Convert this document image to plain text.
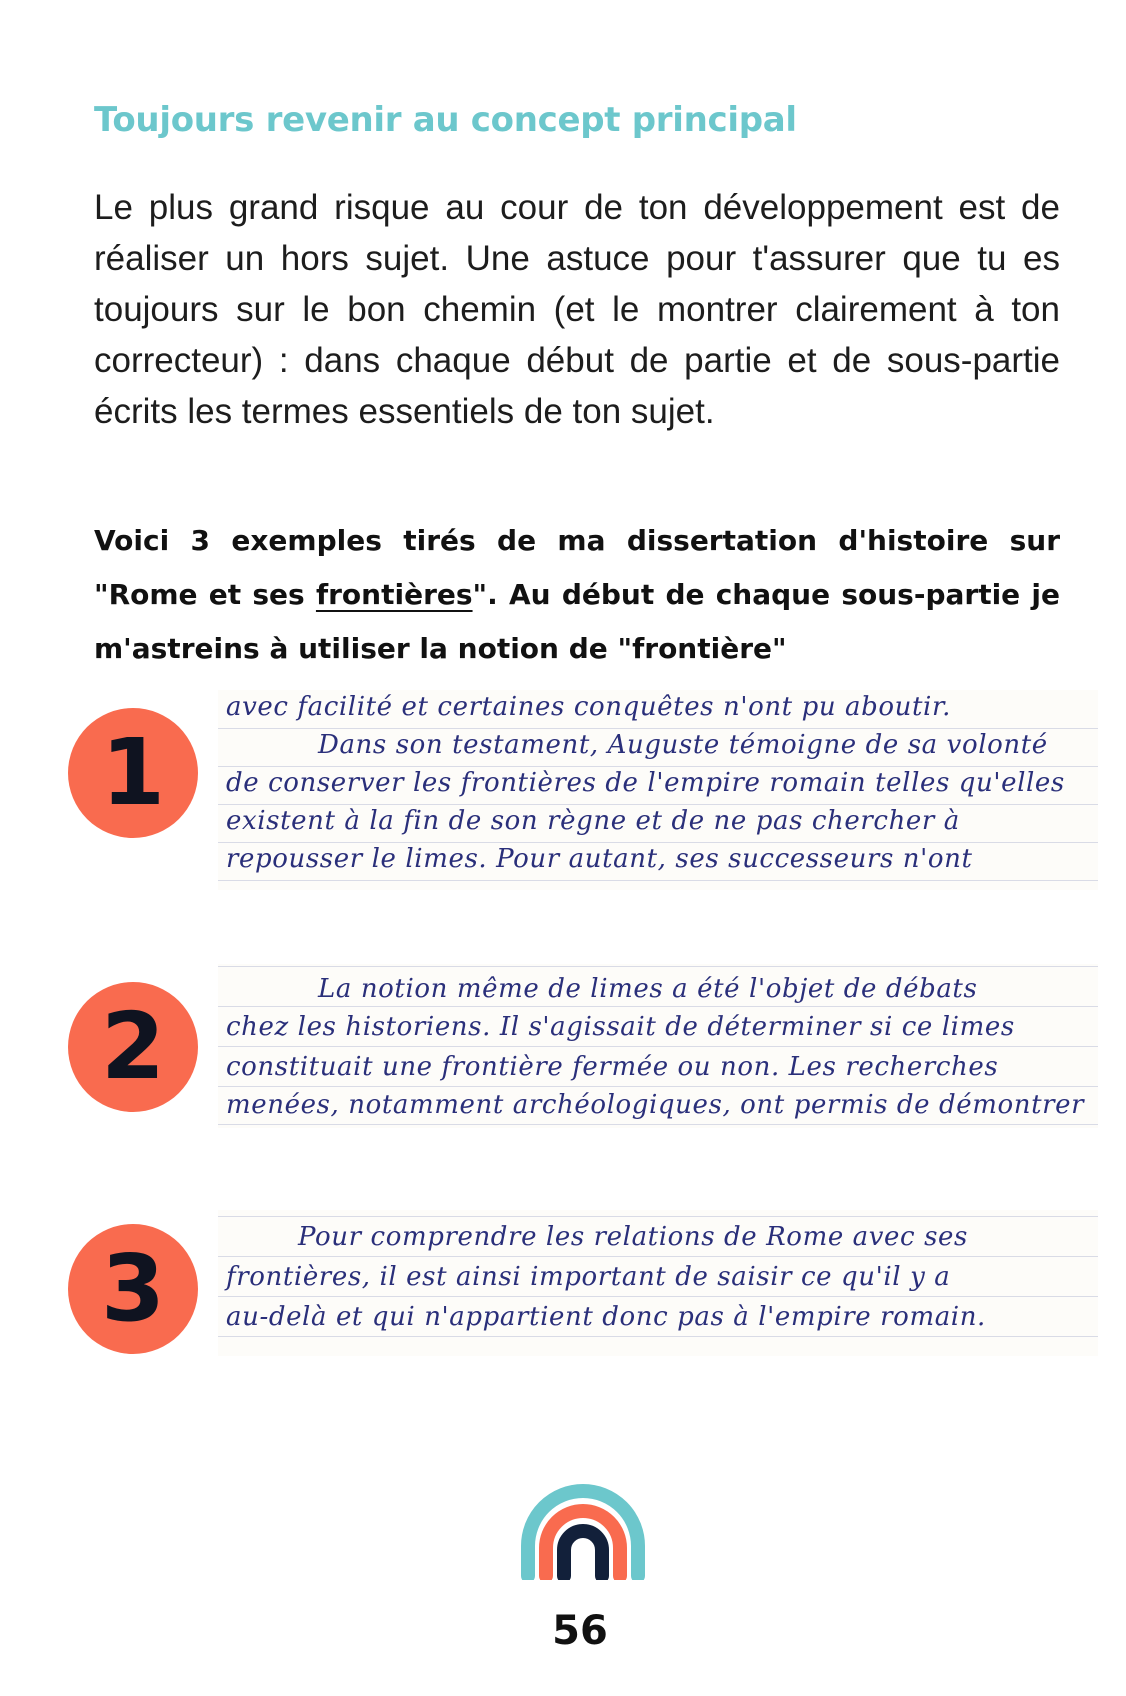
Toujours revenir au concept principal

Le plus grand risque au cour de ton développement est de réaliser un hors sujet. Une astuce pour t'assurer que tu es toujours sur le bon chemin (et le montrer clairement à ton correcteur) : dans chaque début de partie et de sous-partie écrits les termes essentiels de ton sujet.

Voici 3 exemples tirés de ma dissertation d'histoire sur "Rome et ses frontières". Au début de chaque sous-partie je m'astreins à utiliser la notion de "frontière"

1
avec facilité et certaines conquêtes n'ont pu aboutir.
Dans son testament, Auguste témoigne de sa volonté
de conserver les frontières de l'empire romain telles qu'elles
existent à la fin de son règne et de ne pas chercher à
repousser le limes. Pour autant, ses successeurs n'ont
2
La notion même de limes a été l'objet de débats
chez les historiens. Il s'agissait de déterminer si ce limes
constituait une frontière fermée ou non. Les recherches
menées, notamment archéologiques, ont permis de démontrer
3	Pour comprendre les relations de Rome avec ses
frontières, il est ainsi important de saisir ce qu'il y a
au-delà et qui n'appartient donc pas à l'empire romain.
56
